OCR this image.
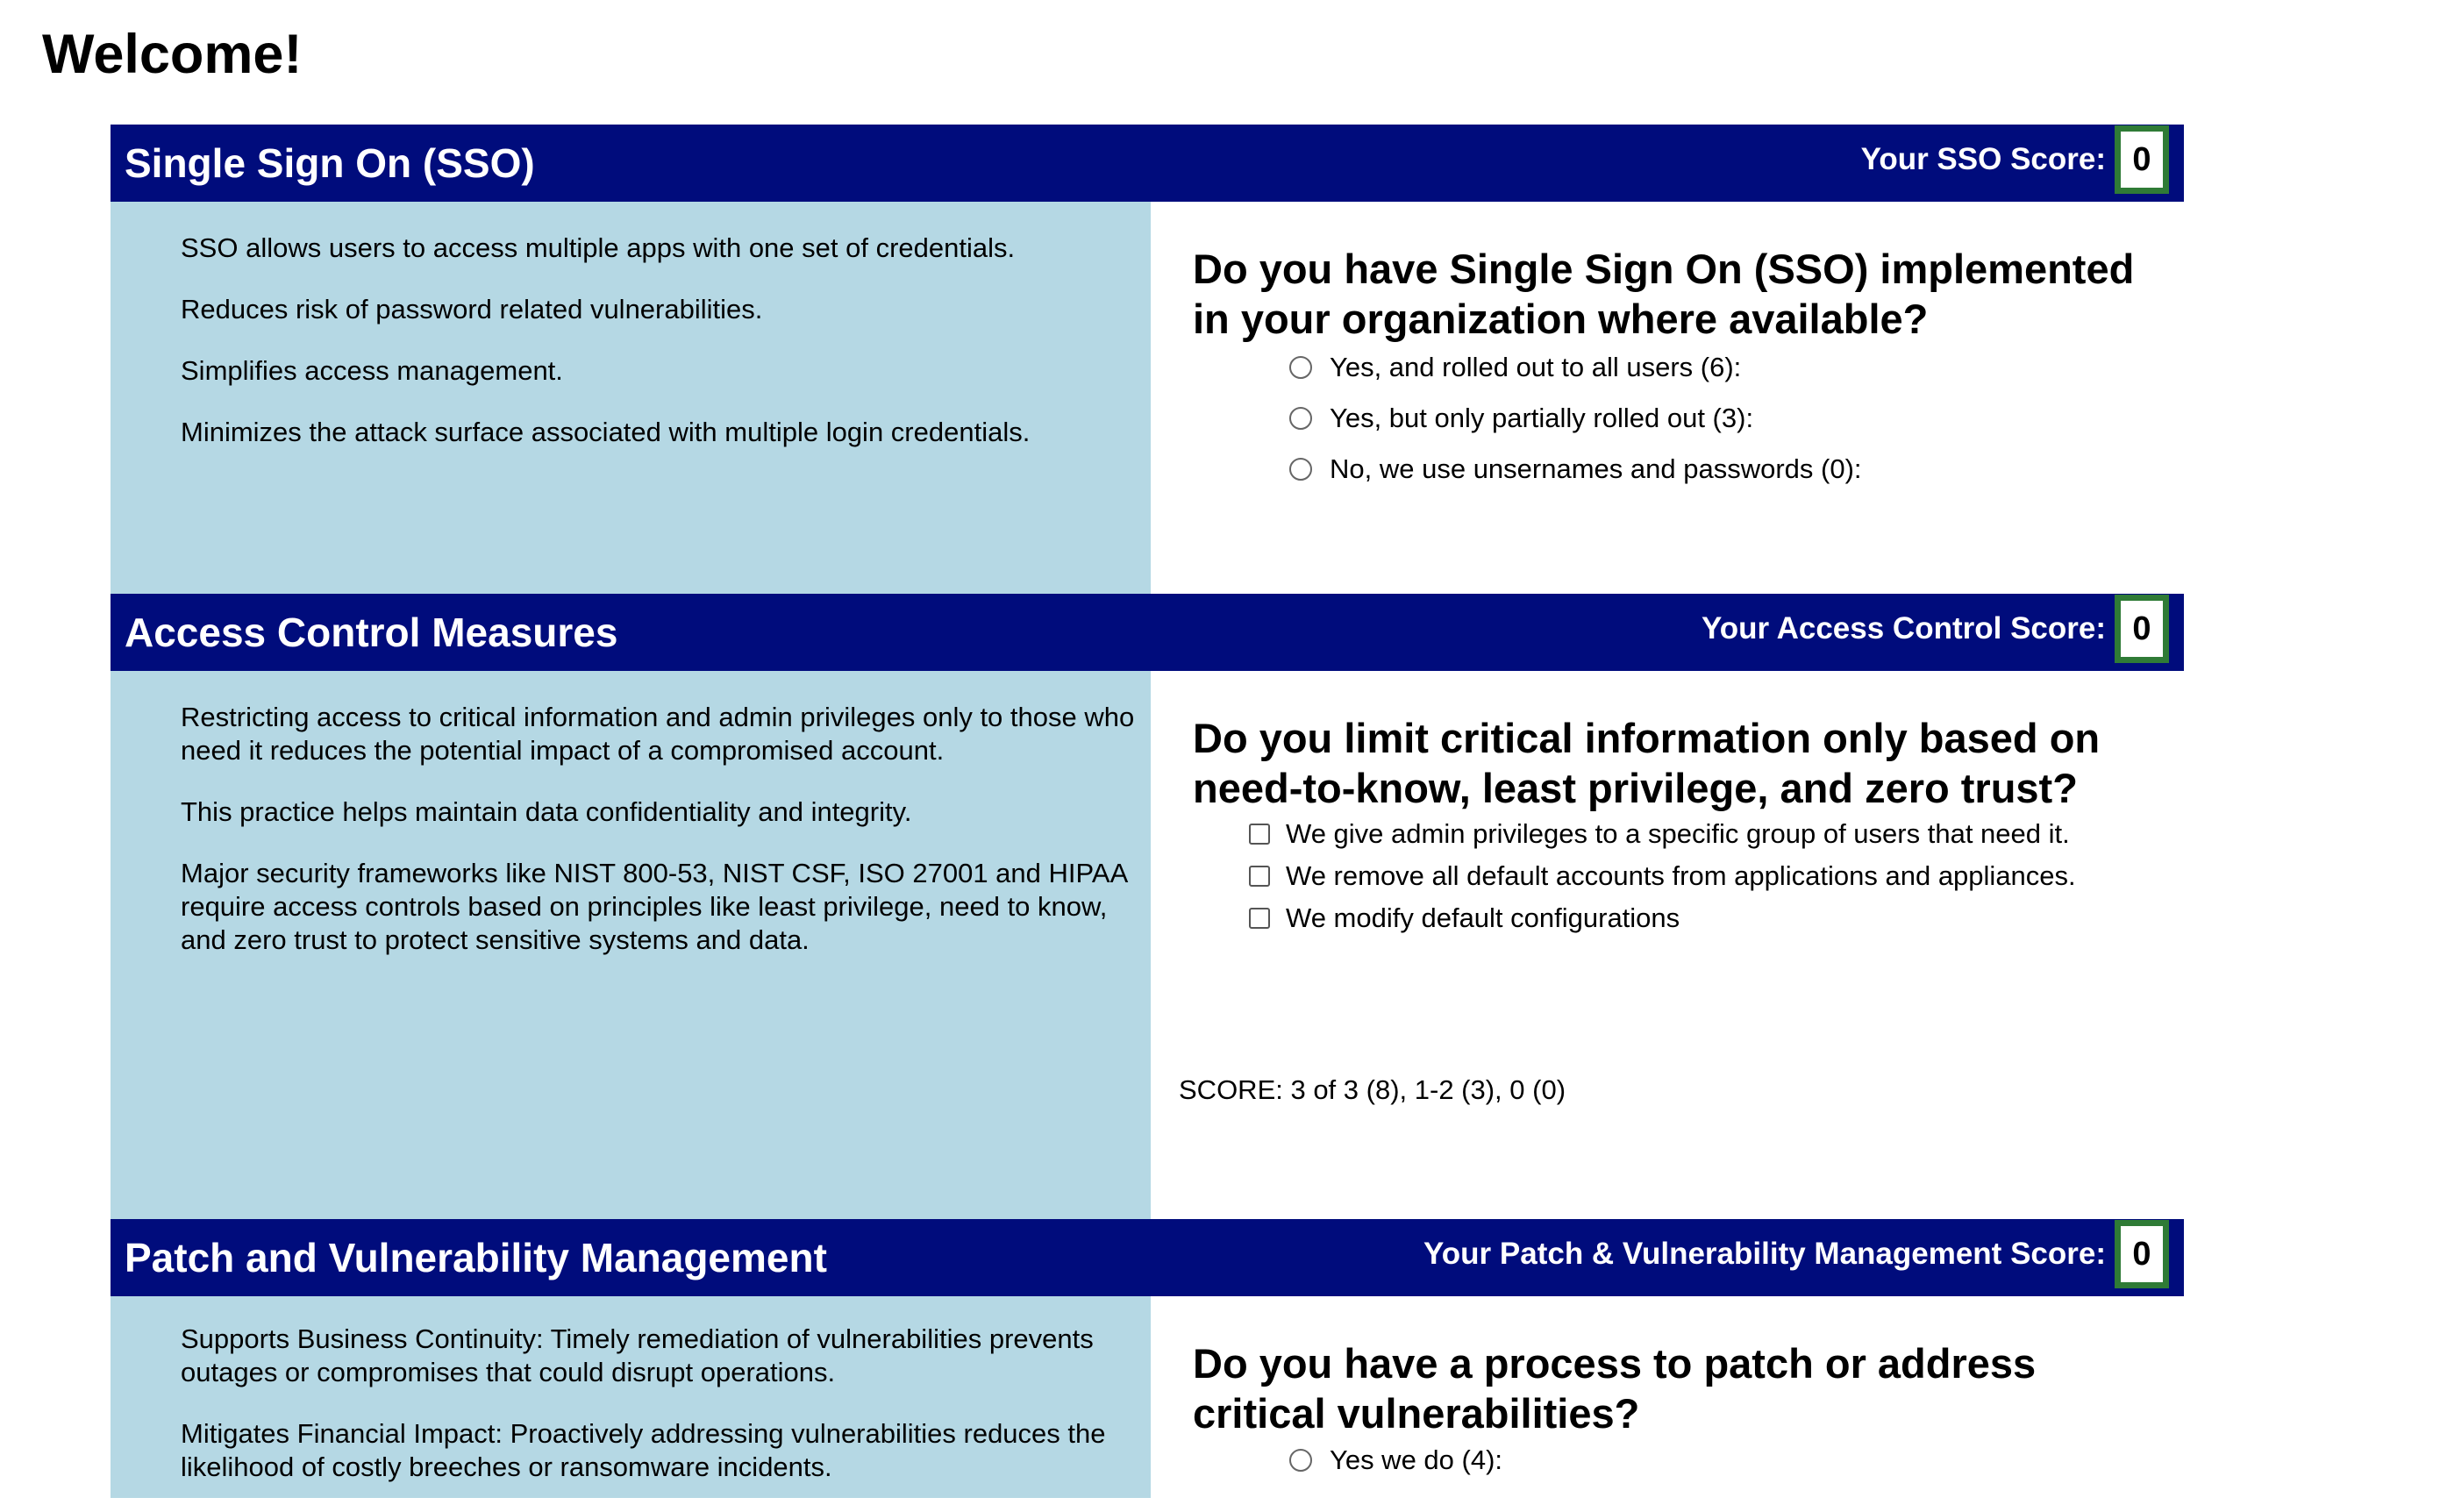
Welcome!
Single Sign On (SSO)	Your SSO Score: 0
SSO allows users to access multiple apps with one set of credentials.
Reduces risk of password related vulnerabilities.
Simplifies access management.
Minimizes the attack surface associated with multiple login credentials.
Do you have Single Sign On (SSO) implemented in your organization where available?
Yes, and rolled out to all users (6):
Yes, but only partially rolled out (3):
No, we use unsernames and passwords (0):
Access Control Measures	Your Access Control Score: 0
Restricting access to critical information and admin privileges only to those who need it reduces the potential impact of a compromised account.
This practice helps maintain data confidentiality and integrity.
Major security frameworks like NIST 800-53, NIST CSF, ISO 27001 and HIPAA require access controls based on principles like least privilege, need to know, and zero trust to protect sensitive systems and data.
Do you limit critical information only based on need-to-know, least privilege, and zero trust?
We give admin privileges to a specific group of users that need it.
We remove all default accounts from applications and appliances.
We modify default configurations
SCORE: 3 of 3 (8), 1-2 (3), 0 (0)
Patch and Vulnerability Management	Your Patch & Vulnerability Management Score: 0
Supports Business Continuity: Timely remediation of vulnerabilities prevents outages or compromises that could disrupt operations.
Mitigates Financial Impact: Proactively addressing vulnerabilities reduces the likelihood of costly breeches or ransomware incidents.
Do you have a process to patch or address critical vulnerabilities?
Yes we do (4):
